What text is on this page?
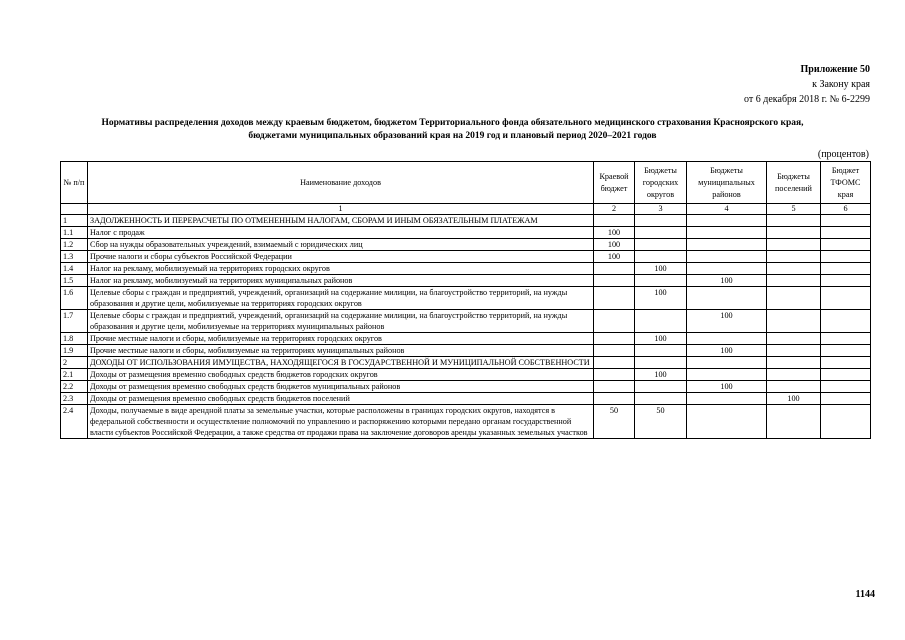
Приложение 50
к Закону края
от 6 декабря 2018 г. № 6-2299
Нормативы распределения доходов между краевым бюджетом, бюджетом Территориального фонда обязательного медицинского страхования Красноярского края,
бюджетами муниципальных образований края на 2019 год и плановый период 2020–2021 годов
(процентов)
№ п/п	Наименование доходов	Краевой бюджет	Бюджеты городских округов	Бюджеты муниципальных районов	Бюджеты поселений	Бюджет ТФОМС края
	1	2	3	4	5	6
1	ЗАДОЛЖЕННОСТЬ И ПЕРЕРАСЧЕТЫ ПО ОТМЕНЕННЫМ НАЛОГАМ, СБОРАМ И ИНЫМ ОБЯЗАТЕЛЬНЫМ ПЛАТЕЖАМ					
1.1	Налог с продаж	100				
1.2	Сбор на нужды образовательных учреждений, взимаемый с юридических лиц	100				
1.3	Прочие налоги и сборы субъектов Российской Федерации	100				
1.4	Налог на рекламу, мобилизуемый на территориях городских округов		100			
1.5	Налог на рекламу, мобилизуемый на территориях муниципальных районов			100		
1.6	Целевые сборы с граждан и предприятий, учреждений, организаций на содержание милиции, на благоустройство территорий, на нужды образования и другие цели, мобилизуемые на территориях городских округов		100			
1.7	Целевые сборы с граждан и предприятий, учреждений, организаций на содержание милиции, на благоустройство территорий, на нужды образования и другие цели, мобилизуемые на территориях муниципальных районов			100		
1.8	Прочие местные налоги и сборы, мобилизуемые на территориях городских округов		100			
1.9	Прочие местные налоги и сборы, мобилизуемые на территориях муниципальных районов			100		
2	ДОХОДЫ ОТ ИСПОЛЬЗОВАНИЯ ИМУЩЕСТВА, НАХОДЯЩЕГОСЯ В ГОСУДАРСТВЕННОЙ И МУНИЦИПАЛЬНОЙ СОБСТВЕННОСТИ					
2.1	Доходы от размещения временно свободных средств бюджетов городских округов		100			
2.2	Доходы от размещения временно свободных средств бюджетов муниципальных районов			100		
2.3	Доходы от размещения временно свободных средств бюджетов поселений				100	
2.4	Доходы, получаемые в виде арендной платы за земельные участки, которые расположены в границах городских округов, находятся в федеральной собственности и осуществление полномочий по управлению и распоряжению которыми передано органам государственной власти субъектов Российской Федерации, а также средства от продажи права на заключение договоров аренды указанных земельных участков	50	50			
1144
